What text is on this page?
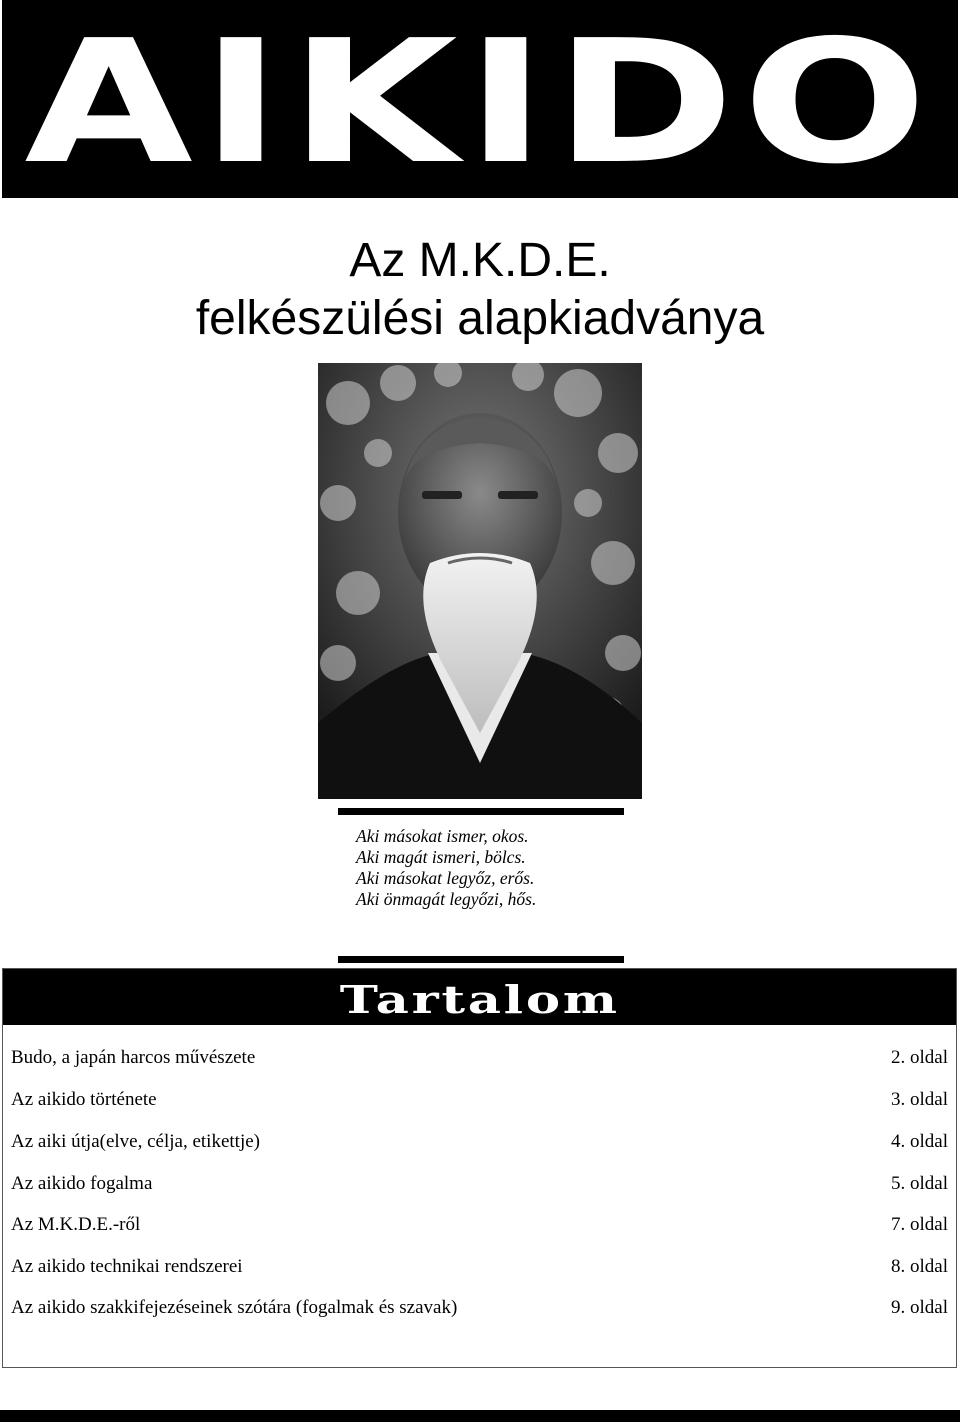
AIKIDO
Az M.K.D.E.
felkészülési alapkiadványa
Aki másokat ismer, okos.
Aki magát ismeri, bölcs.
Aki másokat legyőz, erős.
Aki önmagát legyőzi, hős.
Tartalom
Budo, a japán harcos művészete	2. oldal
Az aikido története	3. oldal
Az aiki útja(elve, célja, etikettje)	4. oldal
Az aikido fogalma	5. oldal
Az M.K.D.E.-ről	7. oldal
Az aikido technikai rendszerei	8. oldal
Az aikido szakkifejezéseinek szótára (fogalmak és szavak)	9. oldal
